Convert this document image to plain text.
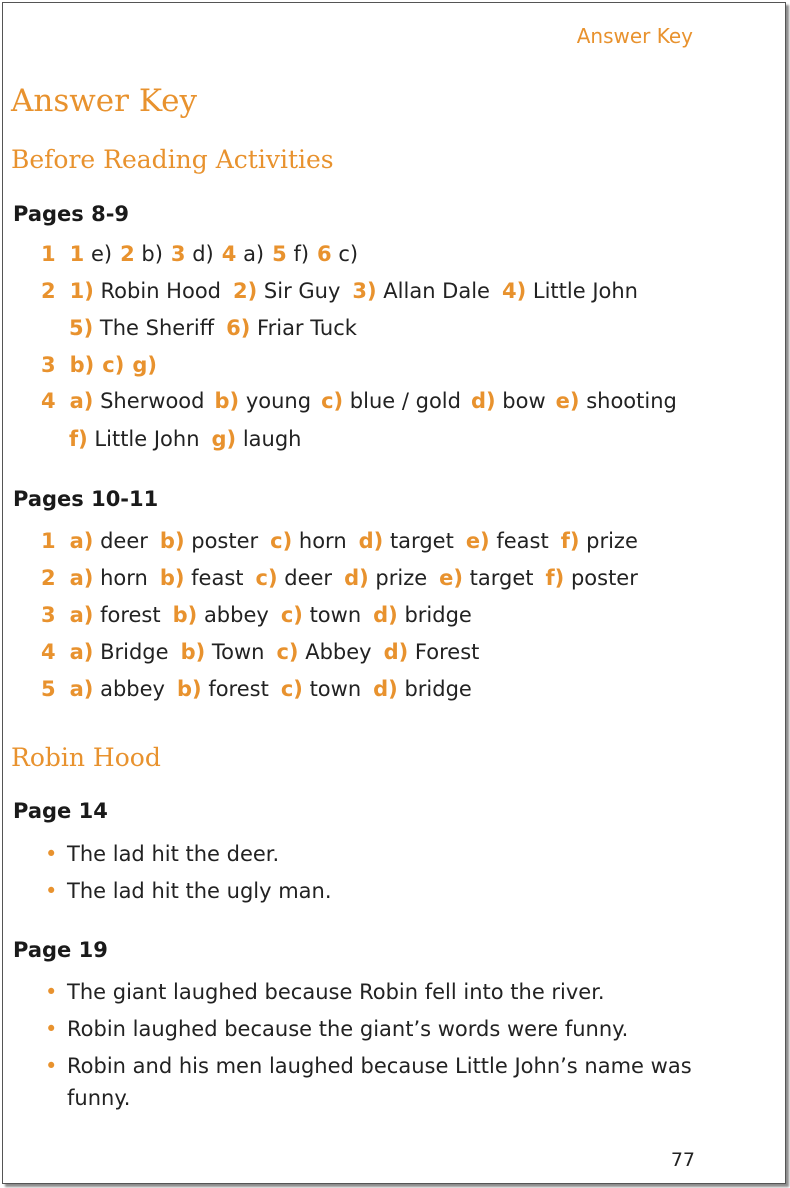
Answer Key
Answer Key
Before Reading Activities
Pages 8-9
1 1 e) 2 b) 3 d) 4 a) 5 f) 6 c)
2 1) Robin Hood 2) Sir Guy 3) Allan Dale 4) Little John
5) The Sheriff 6) Friar Tuck
3 b) c) g)
4 a) Sherwood b) young c) blue / gold d) bow e) shooting
f) Little John g) laugh
Pages 10-11
1 a) deer b) poster c) horn d) target e) feast f) prize
2 a) horn b) feast c) deer d) prize e) target f) poster
3 a) forest b) abbey c) town d) bridge
4 a) Bridge b) Town c) Abbey d) Forest
5 a) abbey b) forest c) town d) bridge
Robin Hood
Page 14
• The lad hit the deer.
• The lad hit the ugly man.
Page 19
• The giant laughed because Robin fell into the river.
• Robin laughed because the giant’s words were funny.
• Robin and his men laughed because Little John’s name was funny.
77
